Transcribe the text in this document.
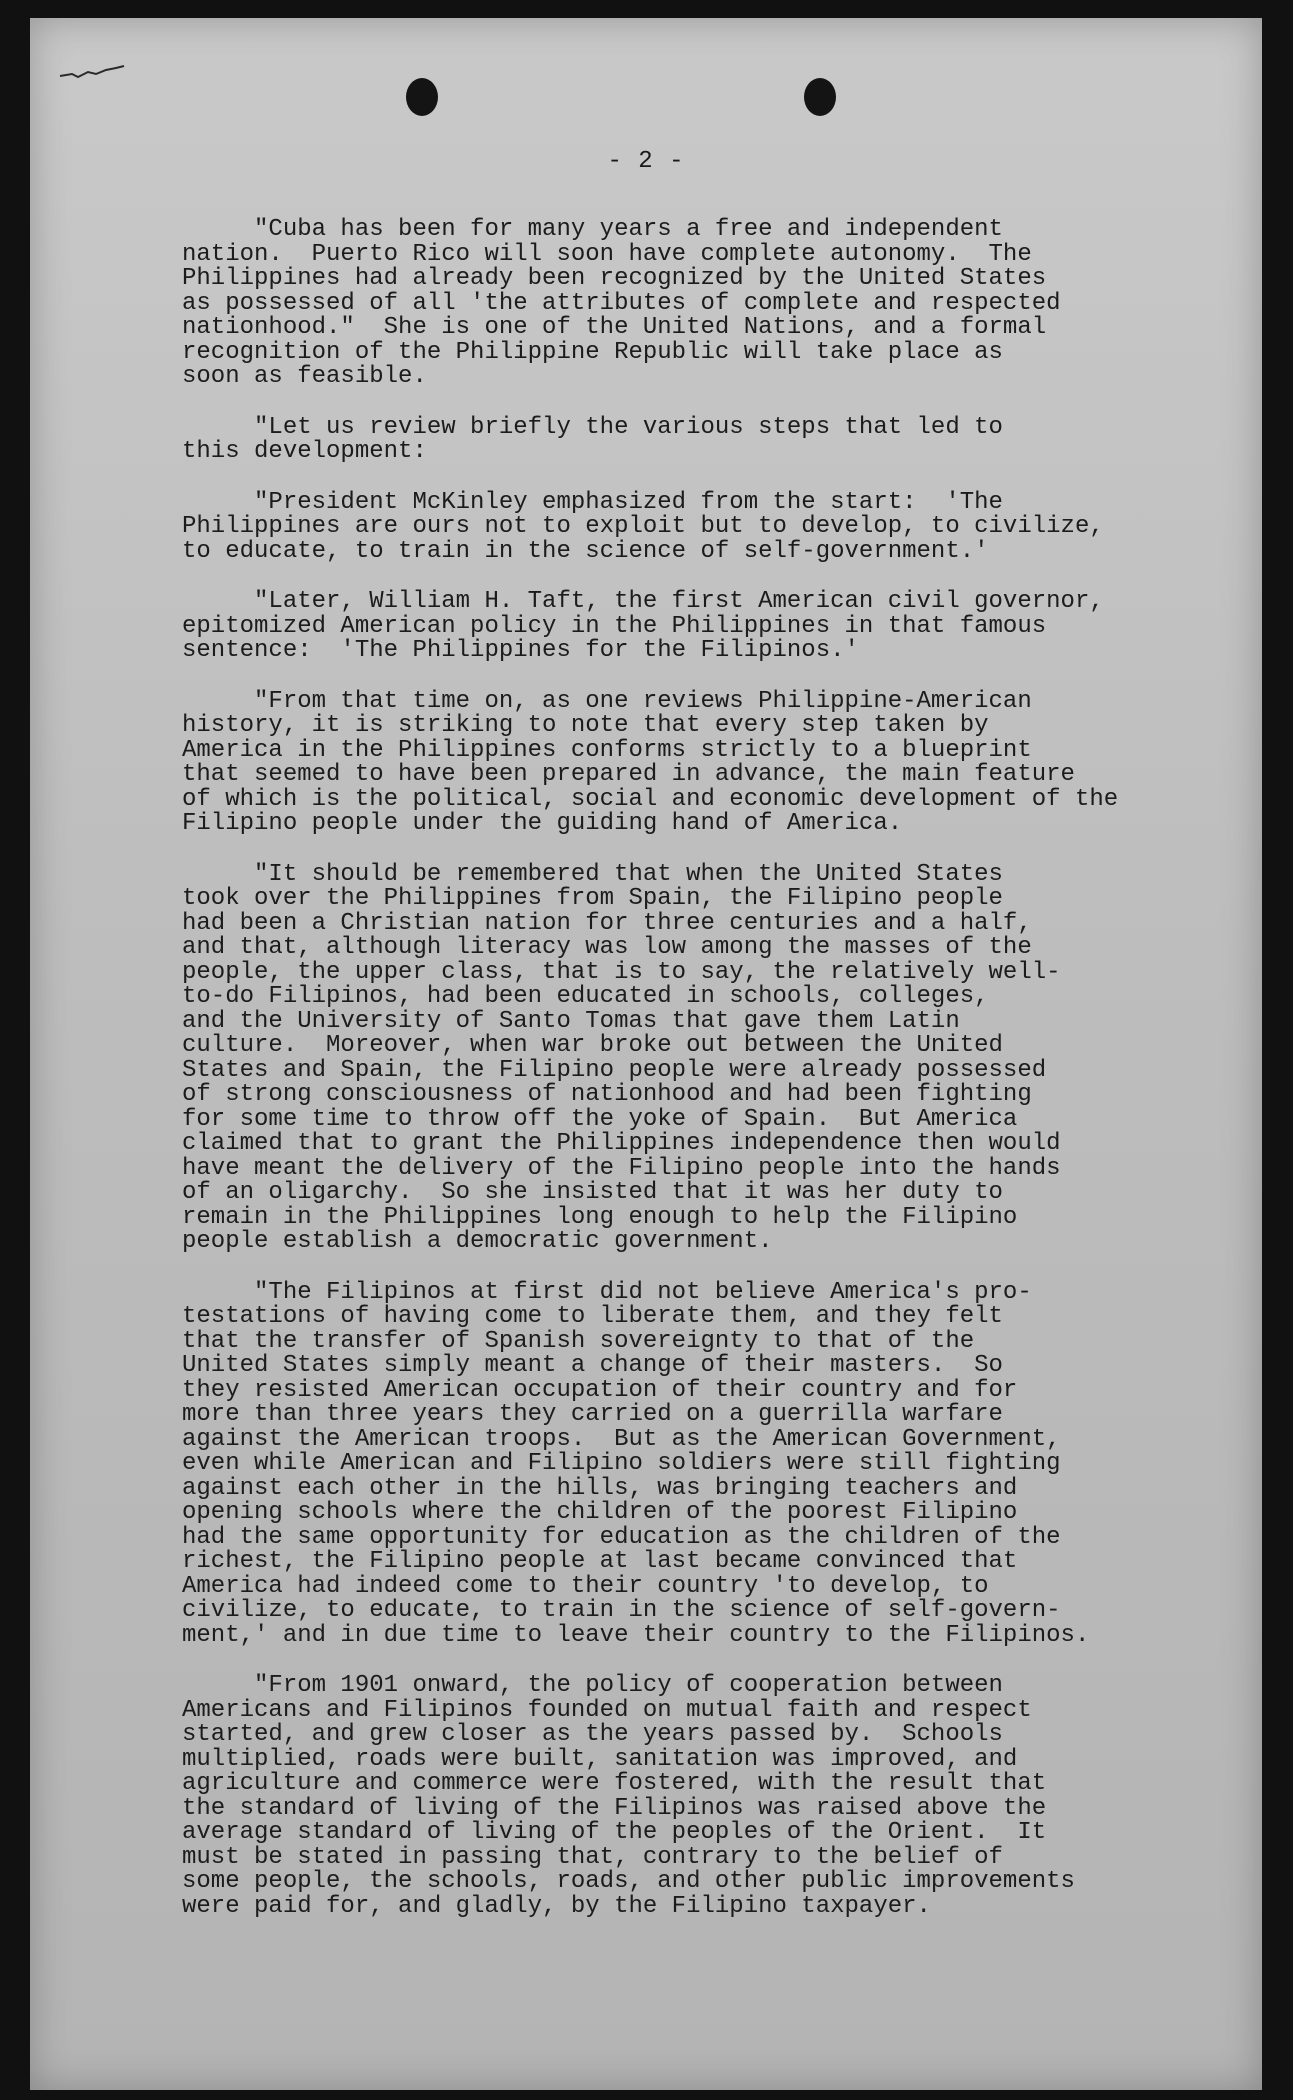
- 2 -
"Cuba has been for many years a free and independent
nation.  Puerto Rico will soon have complete autonomy.  The
Philippines had already been recognized by the United States
as possessed of all 'the attributes of complete and respected
nationhood."  She is one of the United Nations, and a formal
recognition of the Philippine Republic will take place as
soon as feasible.
"Let us review briefly the various steps that led to
this development:
"President McKinley emphasized from the start:  'The
Philippines are ours not to exploit but to develop, to civilize,
to educate, to train in the science of self-government.'
"Later, William H. Taft, the first American civil governor,
epitomized American policy in the Philippines in that famous
sentence:  'The Philippines for the Filipinos.'
"From that time on, as one reviews Philippine-American
history, it is striking to note that every step taken by
America in the Philippines conforms strictly to a blueprint
that seemed to have been prepared in advance, the main feature
of which is the political, social and economic development of the
Filipino people under the guiding hand of America.
"It should be remembered that when the United States
took over the Philippines from Spain, the Filipino people
had been a Christian nation for three centuries and a half,
and that, although literacy was low among the masses of the
people, the upper class, that is to say, the relatively well-
to-do Filipinos, had been educated in schools, colleges,
and the University of Santo Tomas that gave them Latin
culture.  Moreover, when war broke out between the United
States and Spain, the Filipino people were already possessed
of strong consciousness of nationhood and had been fighting
for some time to throw off the yoke of Spain.  But America
claimed that to grant the Philippines independence then would
have meant the delivery of the Filipino people into the hands
of an oligarchy.  So she insisted that it was her duty to
remain in the Philippines long enough to help the Filipino
people establish a democratic government.
"The Filipinos at first did not believe America's pro-
testations of having come to liberate them, and they felt
that the transfer of Spanish sovereignty to that of the
United States simply meant a change of their masters.  So
they resisted American occupation of their country and for
more than three years they carried on a guerrilla warfare
against the American troops.  But as the American Government,
even while American and Filipino soldiers were still fighting
against each other in the hills, was bringing teachers and
opening schools where the children of the poorest Filipino
had the same opportunity for education as the children of the
richest, the Filipino people at last became convinced that
America had indeed come to their country 'to develop, to
civilize, to educate, to train in the science of self-govern-
ment,' and in due time to leave their country to the Filipinos.
"From 1901 onward, the policy of cooperation between
Americans and Filipinos founded on mutual faith and respect
started, and grew closer as the years passed by.  Schools
multiplied, roads were built, sanitation was improved, and
agriculture and commerce were fostered, with the result that
the standard of living of the Filipinos was raised above the
average standard of living of the peoples of the Orient.  It
must be stated in passing that, contrary to the belief of
some people, the schools, roads, and other public improvements
were paid for, and gladly, by the Filipino taxpayer.
